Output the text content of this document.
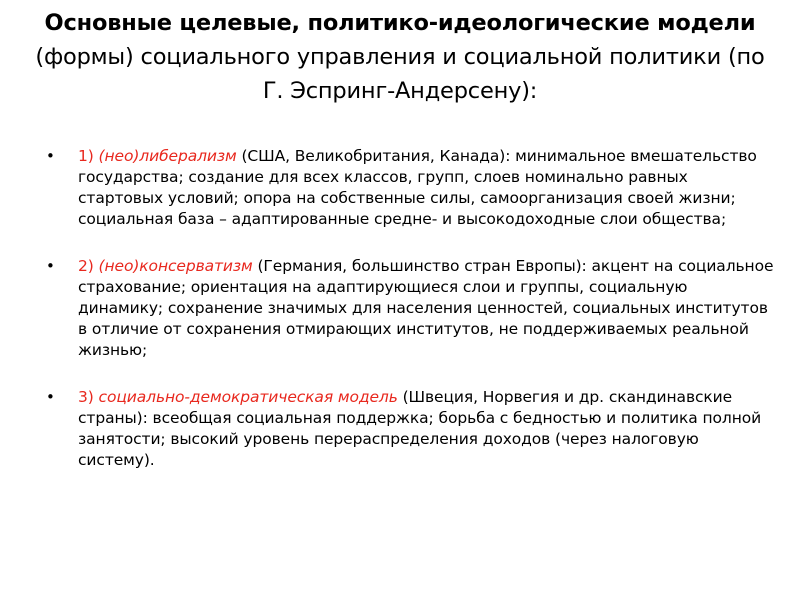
Основные целевые, политико-идеологические модели (формы) социального управления и социальной политики (по Г. Эспринг-Андерсену):
• 1) (нео)либерализм (США, Великобритания, Канада): минимальное вмешательство государства; создание для всех классов, групп, слоев номинально равных стартовых условий; опора на собственные силы, самоорганизация своей жизни; социальная база – адаптированные средне- и высокодоходные слои общества;
• 2) (нео)консерватизм (Германия, большинство стран Европы): акцент на социальное страхование; ориентация на адаптирующиеся слои и группы, социальную динамику; сохранение значимых для населения ценностей, социальных институтов в отличие от сохранения отмирающих институтов, не поддерживаемых реальной жизнью;
• 3) социально-демократическая модель (Швеция, Норвегия и др. скандинавские страны): всеобщая социальная поддержка; борьба с бедностью и политика полной занятости; высокий уровень перераспределения доходов (через налоговую систему).
